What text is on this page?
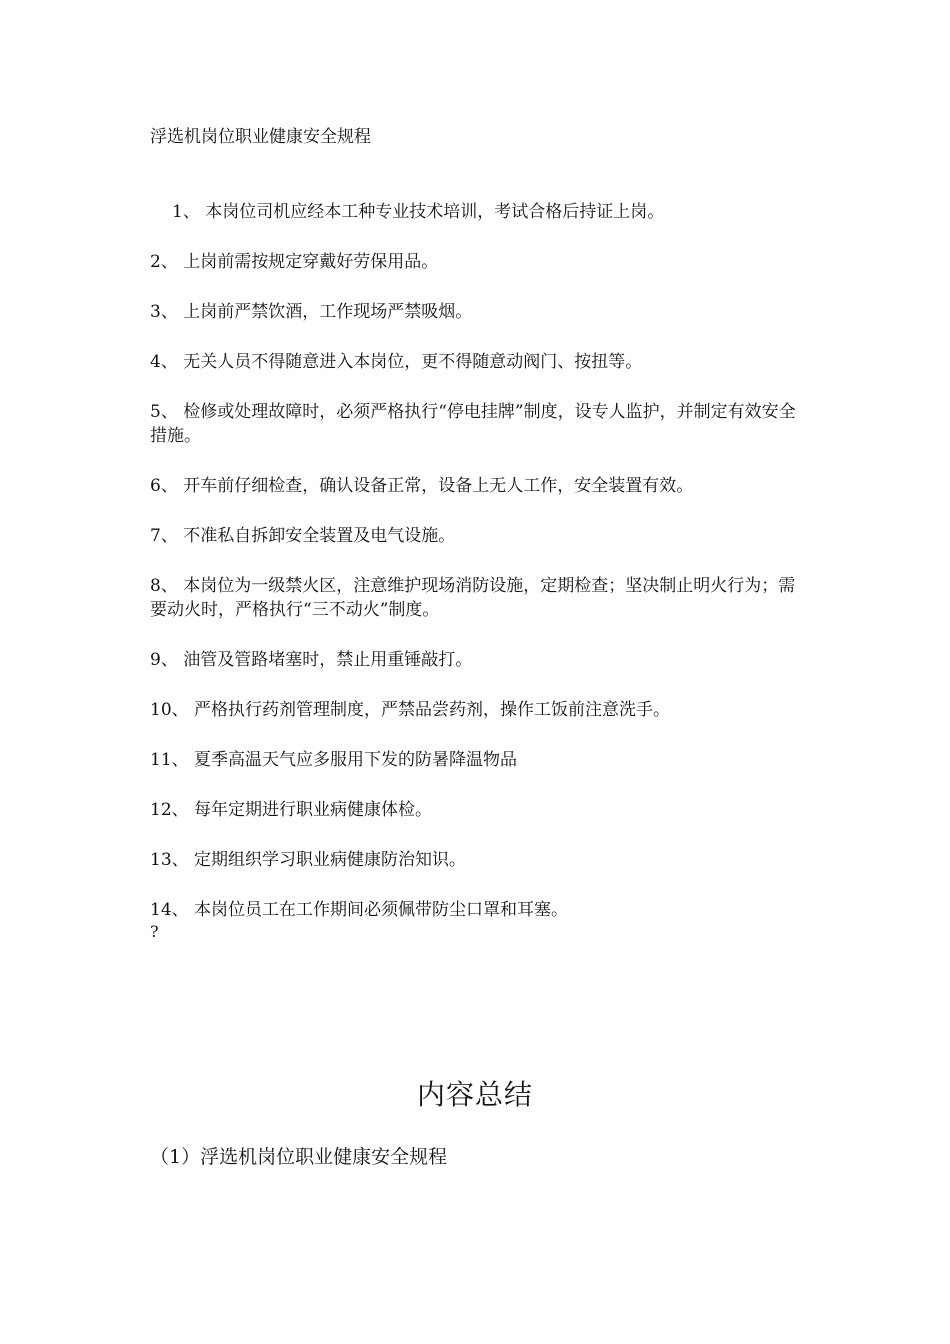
浮选机岗位职业健康安全规程

1、 本岗位司机应经本工种专业技术培训，考试合格后持证上岗。

2、 上岗前需按规定穿戴好劳保用品。

3、 上岗前严禁饮酒，工作现场严禁吸烟。

4、 无关人员不得随意进入本岗位，更不得随意动阀门、按扭等。

5、 检修或处理故障时，必须严格执行“停电挂牌”制度，设专人监护，并制定有效安全措施。

6、 开车前仔细检查，确认设备正常，设备上无人工作，安全装置有效。

7、 不准私自拆卸安全装置及电气设施。

8、 本岗位为一级禁火区，注意维护现场消防设施，定期检查；坚决制止明火行为；需要动火时，严格执行“三不动火”制度。

9、 油管及管路堵塞时，禁止用重锤敲打。

10、 严格执行药剂管理制度，严禁品尝药剂，操作工饭前注意洗手。

11、 夏季高温天气应多服用下发的防暑降温物品

12、 每年定期进行职业病健康体检。

13、 定期组织学习职业病健康防治知识。

14、 本岗位员工在工作期间必须佩带防尘口罩和耳塞。

?
内容总结
（1）浮选机岗位职业健康安全规程
